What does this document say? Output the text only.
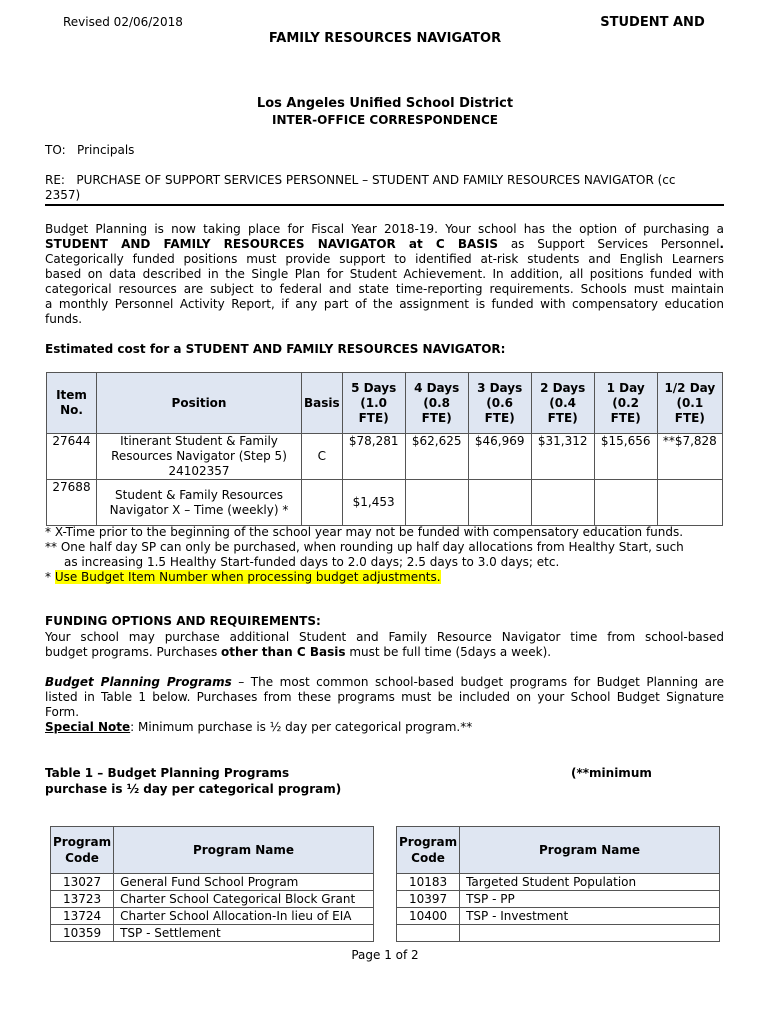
Revised 02/06/2018	STUDENT AND
FAMILY RESOURCES NAVIGATOR
Los Angeles Unified School District
INTER-OFFICE CORRESPONDENCE
TO:   Principals
RE:   PURCHASE OF SUPPORT SERVICES PERSONNEL – STUDENT AND FAMILY RESOURCES NAVIGATOR (cc
2357)
Budget Planning is now taking place for Fiscal Year 2018-19. Your school has the option of purchasing a
STUDENT AND FAMILY RESOURCES NAVIGATOR at C BASIS as Support Services Personnel.
Categorically funded positions must provide support to identified at-risk students and English Learners
based on data described in the Single Plan for Student Achievement. In addition, all positions funded with
categorical resources are subject to federal and state time-reporting requirements. Schools must maintain
a monthly Personnel Activity Report, if any part of the assignment is funded with compensatory education
funds.
Estimated cost for a STUDENT AND FAMILY RESOURCES NAVIGATOR:
Item No.	Position	Basis	5 Days (1.0 FTE)	4 Days (0.8 FTE)	3 Days (0.6 FTE)	2 Days (0.4 FTE)	1 Day (0.2 FTE)	1/2 Day (0.1 FTE)
27644	Itinerant Student & Family Resources Navigator (Step 5) 24102357	C	$78,281	$62,625	$46,969	$31,312	$15,656	**$7,828
27688	Student & Family Resources Navigator X – Time (weekly) *		$1,453					
* X-Time prior to the beginning of the school year may not be funded with compensatory education funds.
** One half day SP can only be purchased, when rounding up half day allocations from Healthy Start, such
as increasing 1.5 Healthy Start-funded days to 2.0 days; 2.5 days to 3.0 days; etc.
* Use Budget Item Number when processing budget adjustments.
FUNDING OPTIONS AND REQUIREMENTS:
Your school may purchase additional Student and Family Resource Navigator time from school-based
budget programs. Purchases other than C Basis must be full time (5days a week).
Budget Planning Programs – The most common school-based budget programs for Budget Planning are
listed in Table 1 below. Purchases from these programs must be included on your School Budget Signature
Form.
Special Note: Minimum purchase is ½ day per categorical program.**
Table 1 – Budget Planning Programs	(**minimum
purchase is ½ day per categorical program)
Program Code	Program Name
13027	General Fund School Program
13723	Charter School Categorical Block Grant
13724	Charter School Allocation-In lieu of EIA
10359	TSP - Settlement
Program Code	Program Name
10183	Targeted Student Population
10397	TSP - PP
10400	TSP - Investment

Page 1 of 2
